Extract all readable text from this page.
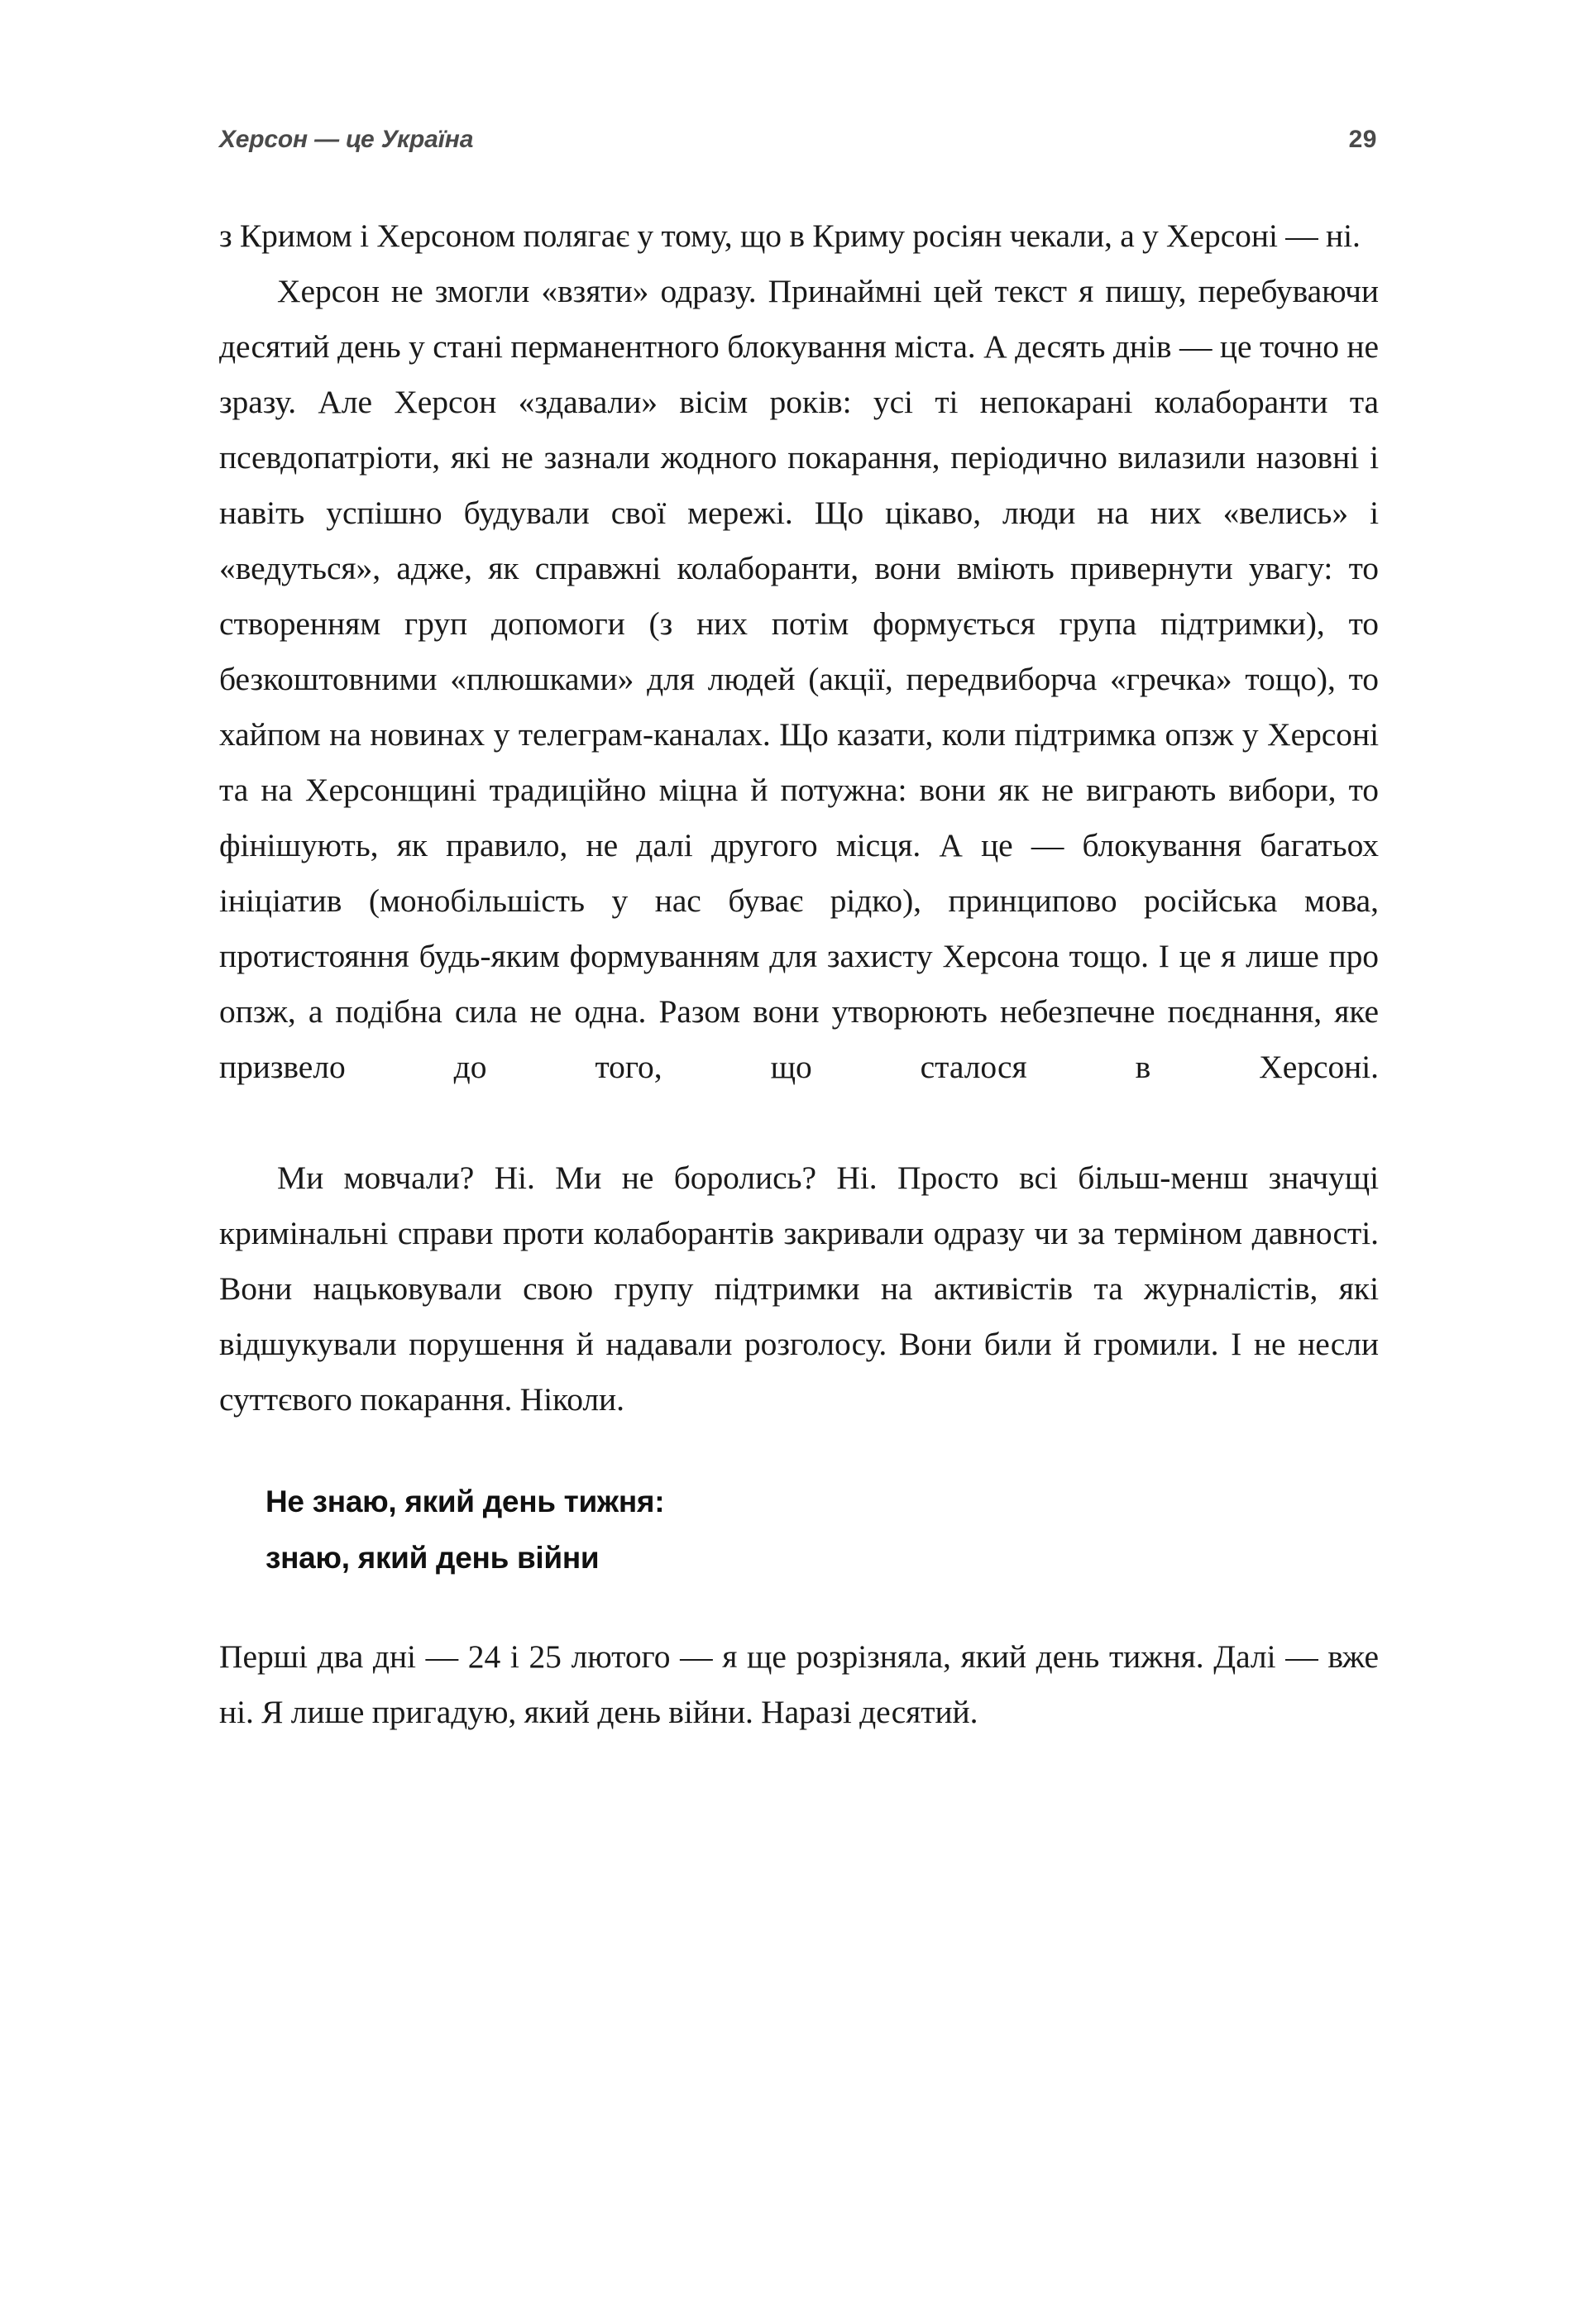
Херсон — це Україна	29

з Кримом і Херсоном полягає у тому, що в Криму росіян чекали, а у Херсоні — ні.

Херсон не змогли «взяти» одразу. Принаймні цей текст я пишу, перебуваючи десятий день у стані перманентного блокування міста. А десять днів — це точно не зразу. Але Херсон «здавали» вісім років: усі ті непокарані колаборанти та псевдопатріоти, які не зазнали жодного покарання, періодично вилазили назовні і навіть успішно будували свої мережі. Що цікаво, люди на них «велись» і «ведуться», адже, як справжні колаборанти, вони вміють привернути увагу: то створенням груп допомоги (з них потім формується група підтримки), то безкоштовними «плюшками» для людей (акції, передвиборча «гречка» тощо), то хайпом на новинах у телеграм-каналах. Що казати, коли підтримка опзж у Херсоні та на Херсонщині традиційно міцна й потужна: вони як не виграють вибори, то фінішують, як правило, не далі другого місця. А це — блокування багатьох ініціатив (монобільшість у нас буває рідко), принципово російська мова, протистояння будь-яким формуванням для захисту Херсона тощо. І це я лише про опзж, а подібна сила не одна. Разом вони утворюють небезпечне поєднання, яке призвело до того, що сталося в Херсоні.

Ми мовчали? Ні. Ми не боролись? Ні. Просто всі більш-менш значущі кримінальні справи проти колаборантів закривали одразу чи за терміном давності. Вони нацьковували свою групу підтримки на активістів та журналістів, які відшукували порушення й надавали розголосу. Вони били й громили. І не несли суттєвого покарання. Ніколи.

Не знаю, який день тижня:
знаю, який день війни

Перші два дні — 24 і 25 лютого — я ще розрізняла, який день тижня. Далі — вже ні. Я лише пригадую, який день війни. Наразі десятий.
